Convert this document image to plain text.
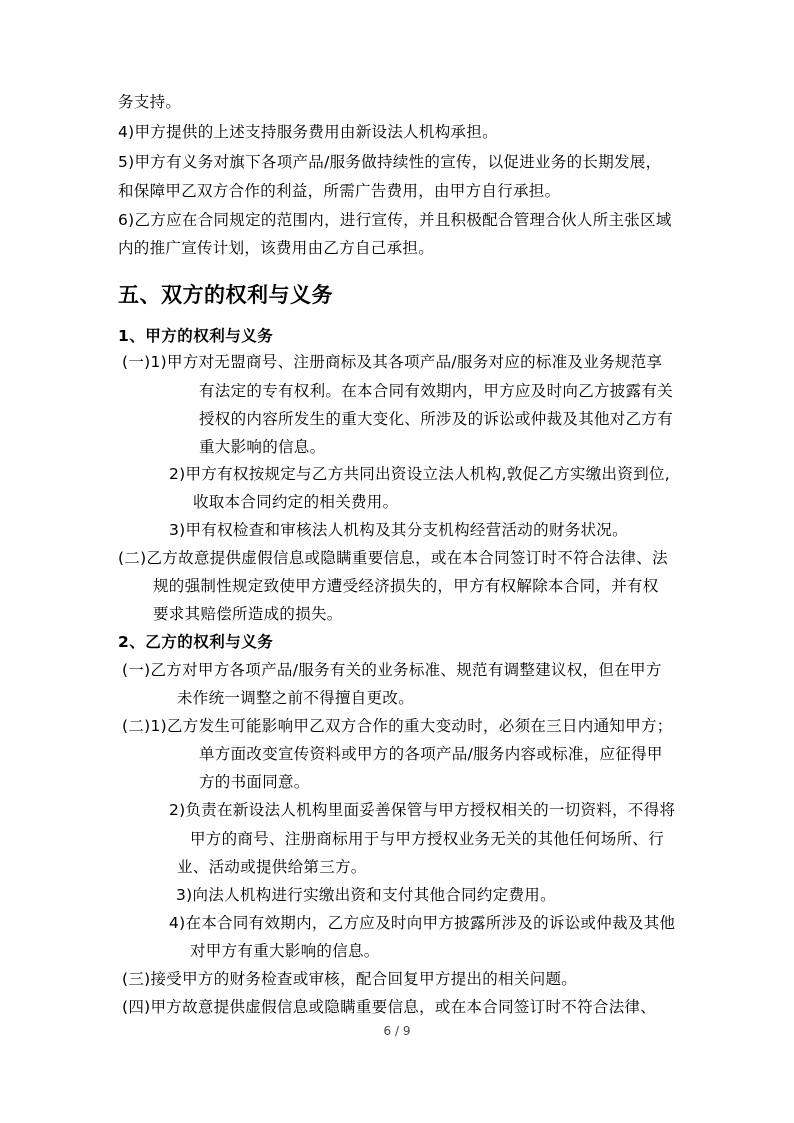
务支持。
4)甲方提供的上述支持服务费用由新设法人机构承担。
5)甲方有义务对旗下各项产品/服务做持续性的宣传，以促进业务的长期发展，
和保障甲乙双方合作的利益，所需广告费用，由甲方自行承担。
6)乙方应在合同规定的范围内，进行宣传，并且积极配合管理合伙人所主张区域
内的推广宣传计划，该费用由乙方自己承担。
五、双方的权利与义务
1、甲方的权利与义务
(一)1)甲方对无盟商号、注册商标及其各项产品/服务对应的标准及业务规范享
有法定的专有权利。在本合同有效期内，甲方应及时向乙方披露有关
授权的内容所发生的重大变化、所涉及的诉讼或仲裁及其他对乙方有
重大影响的信息。
2)甲方有权按规定与乙方共同出资设立法人机构,敦促乙方实缴出资到位,
收取本合同约定的相关费用。
3)甲有权检查和审核法人机构及其分支机构经营活动的财务状况。
(二)乙方故意提供虚假信息或隐瞒重要信息，或在本合同签订时不符合法律、法
规的强制性规定致使甲方遭受经济损失的，甲方有权解除本合同，并有权
要求其赔偿所造成的损失。
2、乙方的权利与义务
(一)乙方对甲方各项产品/服务有关的业务标准、规范有调整建议权，但在甲方
未作统一调整之前不得擅自更改。
(二)1)乙方发生可能影响甲乙双方合作的重大变动时，必须在三日内通知甲方；
单方面改变宣传资料或甲方的各项产品/服务内容或标准，应征得甲
方的书面同意。
2)负责在新设法人机构里面妥善保管与甲方授权相关的一切资料，不得将
甲方的商号、注册商标用于与甲方授权业务无关的其他任何场所、行
业、活动或提供给第三方。
3)向法人机构进行实缴出资和支付其他合同约定费用。
4)在本合同有效期内，乙方应及时向甲方披露所涉及的诉讼或仲裁及其他
对甲方有重大影响的信息。
(三)接受甲方的财务检查或审核，配合回复甲方提出的相关问题。
(四)甲方故意提供虚假信息或隐瞒重要信息，或在本合同签订时不符合法律、
6 / 9
